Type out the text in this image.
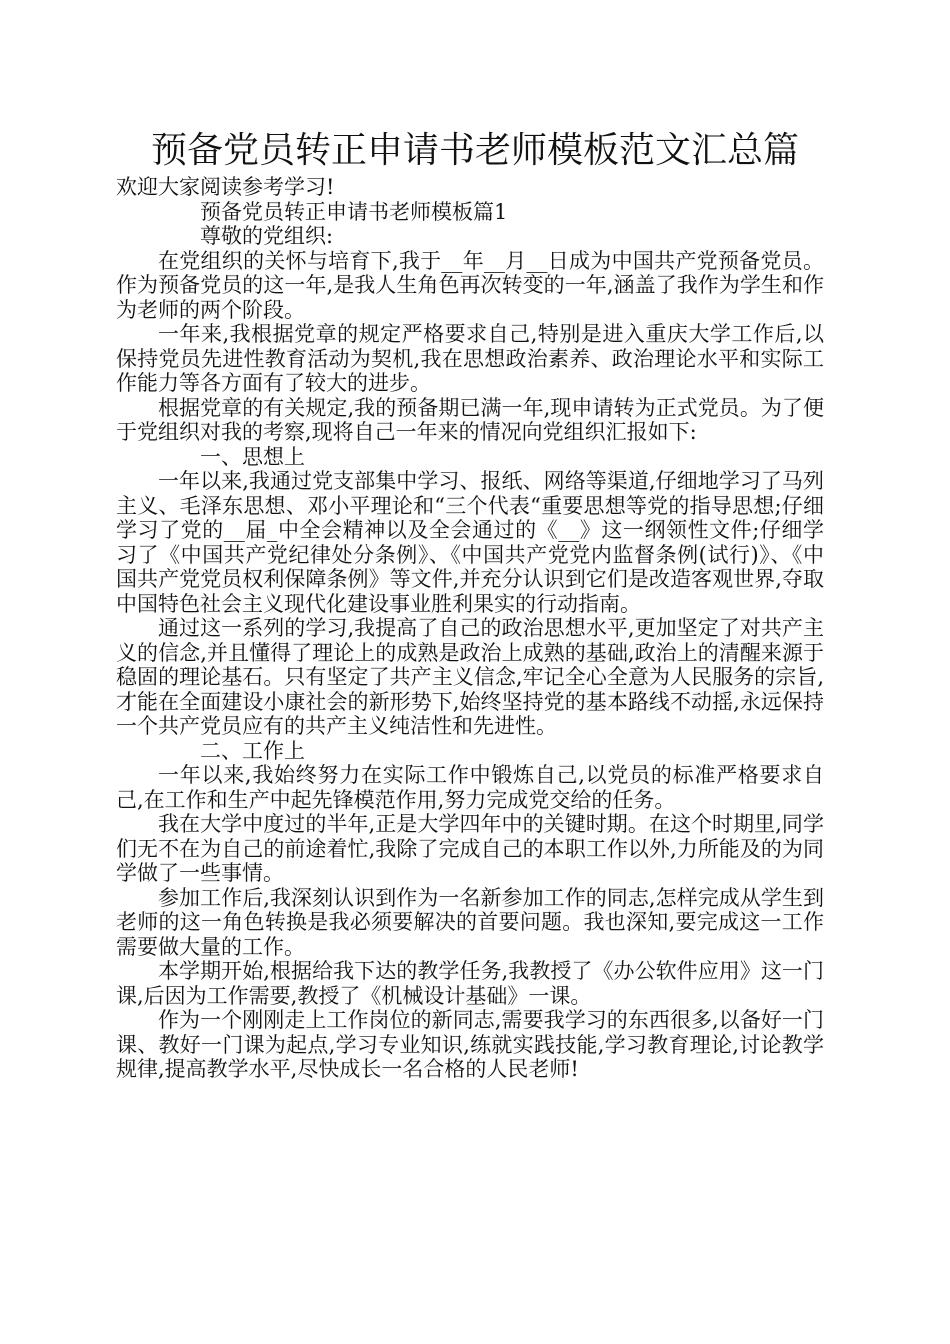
预备党员转正申请书老师模板范文汇总篇

欢迎大家阅读参考学习!

预备党员转正申请书老师模板篇1

尊敬的党组织:

在党组织的关怀与培育下,我于__年__月__日成为中国共产党预备党员。作为预备党员的这一年,是我人生角色再次转变的一年,涵盖了我作为学生和作为老师的两个阶段。

一年来,我根据党章的规定严格要求自己,特别是进入重庆大学工作后,以保持党员先进性教育活动为契机,我在思想政治素养、政治理论水平和实际工作能力等各方面有了较大的进步。

根据党章的有关规定,我的预备期已满一年,现申请转为正式党员。为了便于党组织对我的考察,现将自己一年来的情况向党组织汇报如下:

一、思想上

一年以来,我通过党支部集中学习、报纸、网络等渠道,仔细地学习了马列主义、毛泽东思想、邓小平理论和“三个代表“重要思想等党的指导思想;仔细学习了党的__届_中全会精神以及全会通过的《__》这一纲领性文件;仔细学习了《中国共产党纪律处分条例》、《中国共产党党内监督条例(试行)》、《中国共产党党员权利保障条例》等文件,并充分认识到它们是改造客观世界,夺取中国特色社会主义现代化建设事业胜利果实的行动指南。

通过这一系列的学习,我提高了自己的政治思想水平,更加坚定了对共产主义的信念,并且懂得了理论上的成熟是政治上成熟的基础,政治上的清醒来源于稳固的理论基石。只有坚定了共产主义信念,牢记全心全意为人民服务的宗旨,才能在全面建设小康社会的新形势下,始终坚持党的基本路线不动摇,永远保持一个共产党员应有的共产主义纯洁性和先进性。

二、工作上

一年以来,我始终努力在实际工作中锻炼自己,以党员的标准严格要求自己,在工作和生产中起先锋模范作用,努力完成党交给的任务。

我在大学中度过的半年,正是大学四年中的关键时期。在这个时期里,同学们无不在为自己的前途着忙,我除了完成自己的本职工作以外,力所能及的为同学做了一些事情。

参加工作后,我深刻认识到作为一名新参加工作的同志,怎样完成从学生到老师的这一角色转换是我必须要解决的首要问题。我也深知,要完成这一工作需要做大量的工作。

本学期开始,根据给我下达的教学任务,我教授了《办公软件应用》这一门课,后因为工作需要,教授了《机械设计基础》一课。

作为一个刚刚走上工作岗位的新同志,需要我学习的东西很多,以备好一门课、教好一门课为起点,学习专业知识,练就实践技能,学习教育理论,讨论教学规律,提高教学水平,尽快成长一名合格的人民老师!
